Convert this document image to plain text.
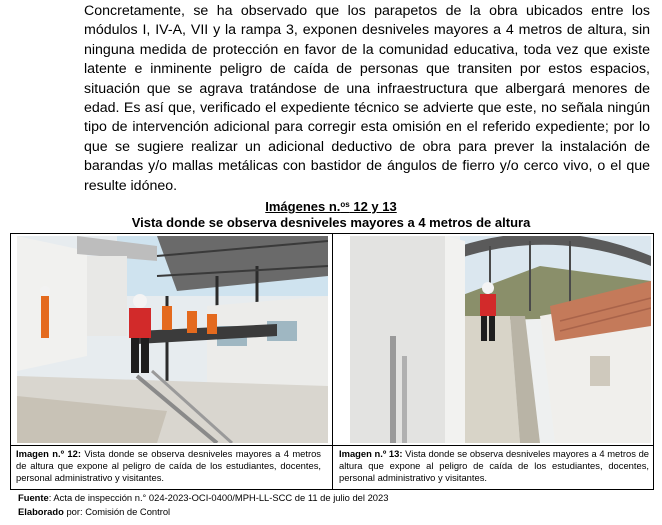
Concretamente, se ha observado que los parapetos de la obra ubicados entre los módulos I, IV-A, VII y la rampa 3, exponen desniveles mayores a 4 metros de altura, sin ninguna medida de protección en favor de la comunidad educativa, toda vez que existe latente e inminente peligro de caída de personas que transiten por estos espacios, situación que se agrava tratándose de una infraestructura que albergará menores de edad. Es así que, verificado el expediente técnico se advierte que este, no señala ningún tipo de intervención adicional para corregir esta omisión en el referido expediente; por lo que se sugiere realizar un adicional deductivo de obra para prever la instalación de barandas y/o mallas metálicas con bastidor de ángulos de fierro y/o cerco vivo, o el que resulte idóneo.
Imágenes n.$^{os}$ 12 y 13
Vista donde se observa desniveles mayores a 4 metros de altura
Imagen n.º 12: Vista donde se observa desniveles mayores a 4 metros de altura que expone al peligro de caída de los estudiantes, docentes, personal administrativo y visitantes.
Imagen n.º 13: Vista donde se observa desniveles mayores a 4 metros de altura que expone al peligro de caída de los estudiantes, docentes, personal administrativo y visitantes.
Fuente: Acta de inspección n.° 024-2023-OCI-0400/MPH-LL-SCC de 11 de julio del 2023
Elaborado por: Comisión de Control
